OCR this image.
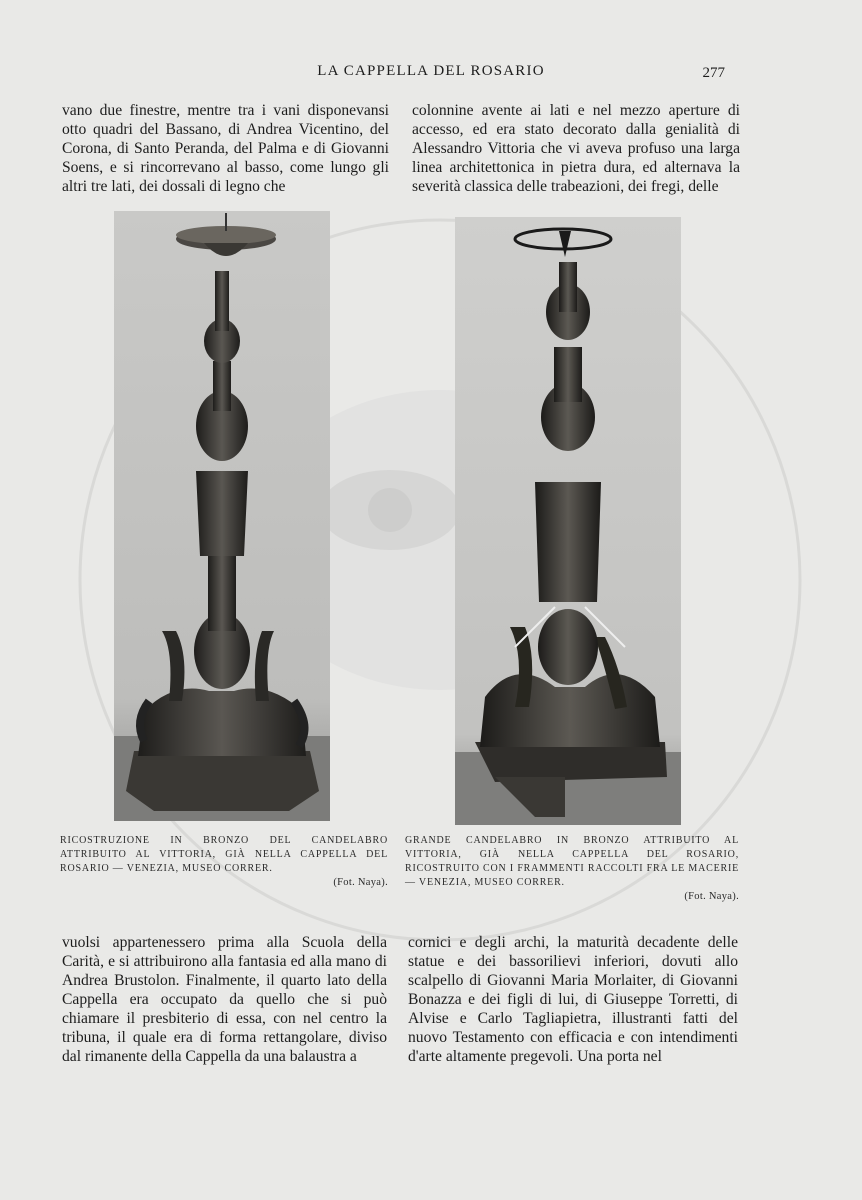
LA CAPPELLA DEL ROSARIO	277
vano due finestre, mentre tra i vani disponevansi otto quadri del Bassano, di Andrea Vicentino, del Corona, di Santo Peranda, del Palma e di Giovanni Soens, e si rincorrevano al basso, come lungo gli altri tre lati, dei dossali di legno che
colonnine avente ai lati e nel mezzo aperture di accesso, ed era stato decorato dalla genialità di Alessandro Vittoria che vi aveva profuso una larga linea architettonica in pietra dura, ed alternava la severità classica delle trabeazioni, dei fregi, delle

RICOSTRUZIONE IN BRONZO DEL CANDELABRO ATTRIBUITO AL VITTORIA, GIÀ NELLA CAPPELLA DEL ROSARIO — VENEZIA, MUSEO CORRER.

(Fot. Naya).

GRANDE CANDELABRO IN BRONZO ATTRIBUITO AL VITTORIA, GIÀ NELLA CAPPELLA DEL ROSARIO, RICOSTRUITO CON I FRAMMENTI RACCOLTI FRA LE MACERIE — VENEZIA, MUSEO CORRER.

(Fot. Naya).

vuolsi appartenessero prima alla Scuola della Carità, e si attribuirono alla fantasia ed alla mano di Andrea Brustolon. Finalmente, il quarto lato della Cappella era occupato da quello che si può chiamare il presbiterio di essa, con nel centro la tribuna, il quale era di forma rettangolare, diviso dal rimanente della Cappella da una balaustra a
cornici e degli archi, la maturità decadente delle statue e dei bassorilievi inferiori, dovuti allo scalpello di Giovanni Maria Morlaiter, di Giovanni Bonazza e dei figli di lui, di Giuseppe Torretti, di Alvise e Carlo Tagliapietra, illustranti fatti del nuovo Testamento con efficacia e con intendimenti d'arte altamente pregevoli. Una porta nel
